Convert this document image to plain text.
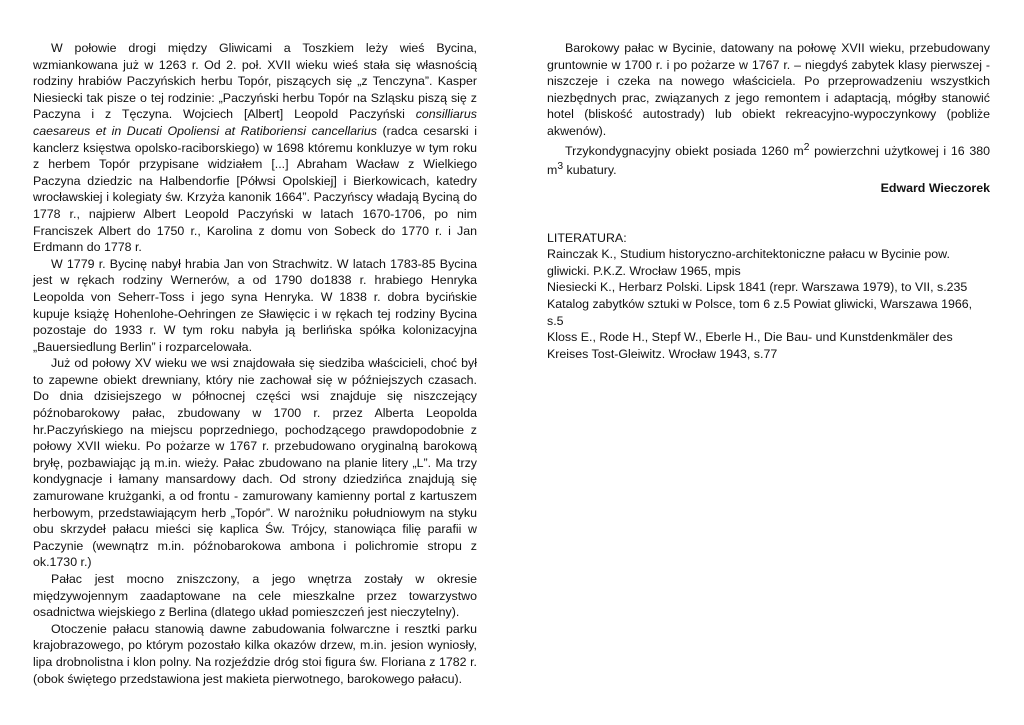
W połowie drogi między Gliwicami a Toszkiem leży wieś Bycina, wzmiankowana już w 1263 r. Od 2. poł. XVII wieku wieś stała się własnością rodziny hrabiów Paczyńskich herbu Topór, piszących się „z Tenczyna”. Kasper Niesiecki tak pisze o tej rodzinie: „Paczyński herbu Topór na Szląsku piszą się z Paczyna i z Tęczyna. Wojciech [Albert] Leopold Paczyński consilliarus caesareus et in Ducati Opoliensi at Ratiboriensi cancellarius (radca cesarski i kanclerz księstwa opolsko-raciborskiego) w 1698 któremu konkluzye w tym roku z herbem Topór przypisane widziałem [...] Abraham Wacław z Wielkiego Paczyna dziedzic na Halbendorfie [Półwsi Opolskiej] i Bierkowicach, katedry wrocławskiej i kolegiaty św. Krzyża kanonik 1664”. Paczyńscy władają Byciną do 1778 r., najpierw Albert Leopold Paczyński w latach 1670-1706, po nim Franciszek Albert do 1750 r., Karolina z domu von Sobeck do 1770 r. i Jan Erdmann do 1778 r.

W 1779 r. Bycinę nabył hrabia Jan von Strachwitz. W latach 1783-85 Bycina jest w rękach rodziny Wernerów, a od 1790 do1838 r. hrabiego Henryka Leopolda von Seherr-Toss i jego syna Henryka. W 1838 r. dobra bycińskie kupuje książę Hohenlohe-Oehringen ze Sławięcic i w rękach tej rodziny Bycina pozostaje do 1933 r. W tym roku nabyła ją berlińska spółka kolonizacyjna „Bauersiedlung Berlin” i rozparcelowała.

Już od połowy XV wieku we wsi znajdowała się siedziba właścicieli, choć był to zapewne obiekt drewniany, który nie zachował się w późniejszych czasach. Do dnia dzisiejszego w północnej części wsi znajduje się niszczejący późnobarokowy pałac, zbudowany w 1700 r. przez Alberta Leopolda hr.Paczyńskiego na miejscu poprzedniego, pochodzącego prawdopodobnie z połowy XVII wieku. Po pożarze w 1767 r. przebudowano oryginalną barokową bryłę, pozbawiając ją m.in. wieży. Pałac zbudowano na planie litery „L”. Ma trzy kondygnacje i łamany mansardowy dach. Od strony dziedzińca znajdują się zamurowane krużganki, a od frontu - zamurowany kamienny portal z kartuszem herbowym, przedstawiającym herb „Topór”. W narożniku południowym na styku obu skrzydeł pałacu mieści się kaplica Św. Trójcy, stanowiąca filię parafii w Paczynie (wewnątrz m.in. późnobarokowa ambona i polichromie stropu z ok.1730 r.)

Pałac jest mocno zniszczony, a jego wnętrza zostały w okresie międzywojennym zaadaptowane na cele mieszkalne przez towarzystwo osadnictwa wiejskiego z Berlina (dlatego układ pomieszczeń jest nieczytelny).

Otoczenie pałacu stanowią dawne zabudowania folwarczne i resztki parku krajobrazowego, po którym pozostało kilka okazów drzew, m.in. jesion wyniosły, lipa drobnolistna i klon polny. Na rozjeździe dróg stoi figura św. Floriana z 1782 r.(obok świętego przedstawiona jest makieta pierwotnego, barokowego pałacu).

Barokowy pałac w Bycinie, datowany na połowę XVII wieku, przebudowany gruntownie w 1700 r. i po pożarze w 1767 r. – niegdyś zabytek klasy pierwszej - niszczeje i czeka na nowego właściciela. Po przeprowadzeniu wszystkich niezbędnych prac, związanych z jego remontem i adaptacją, mógłby stanowić hotel (bliskość autostrady) lub obiekt rekreacyjno-wypoczynkowy (pobliże akwenów).

Trzykondygnacyjny obiekt posiada 1260 $m^2$ powierzchni użytkowej i 16 380 $m^3$ kubatury.

Edward Wieczorek

LITERATURA:

Rainczak K., Studium historyczno-architektoniczne pałacu w Bycinie pow. gliwicki. P.K.Z. Wrocław 1965, mpis

Niesiecki K., Herbarz Polski. Lipsk 1841 (repr. Warszawa 1979), to VII, s.235

Katalog zabytków sztuki w Polsce, tom 6 z.5 Powiat gliwicki, Warszawa 1966, s.5

Kloss E., Rode H., Stepf W., Eberle H., Die Bau- und Kunstdenkmäler des Kreises Tost-Gleiwitz. Wrocław 1943, s.77
